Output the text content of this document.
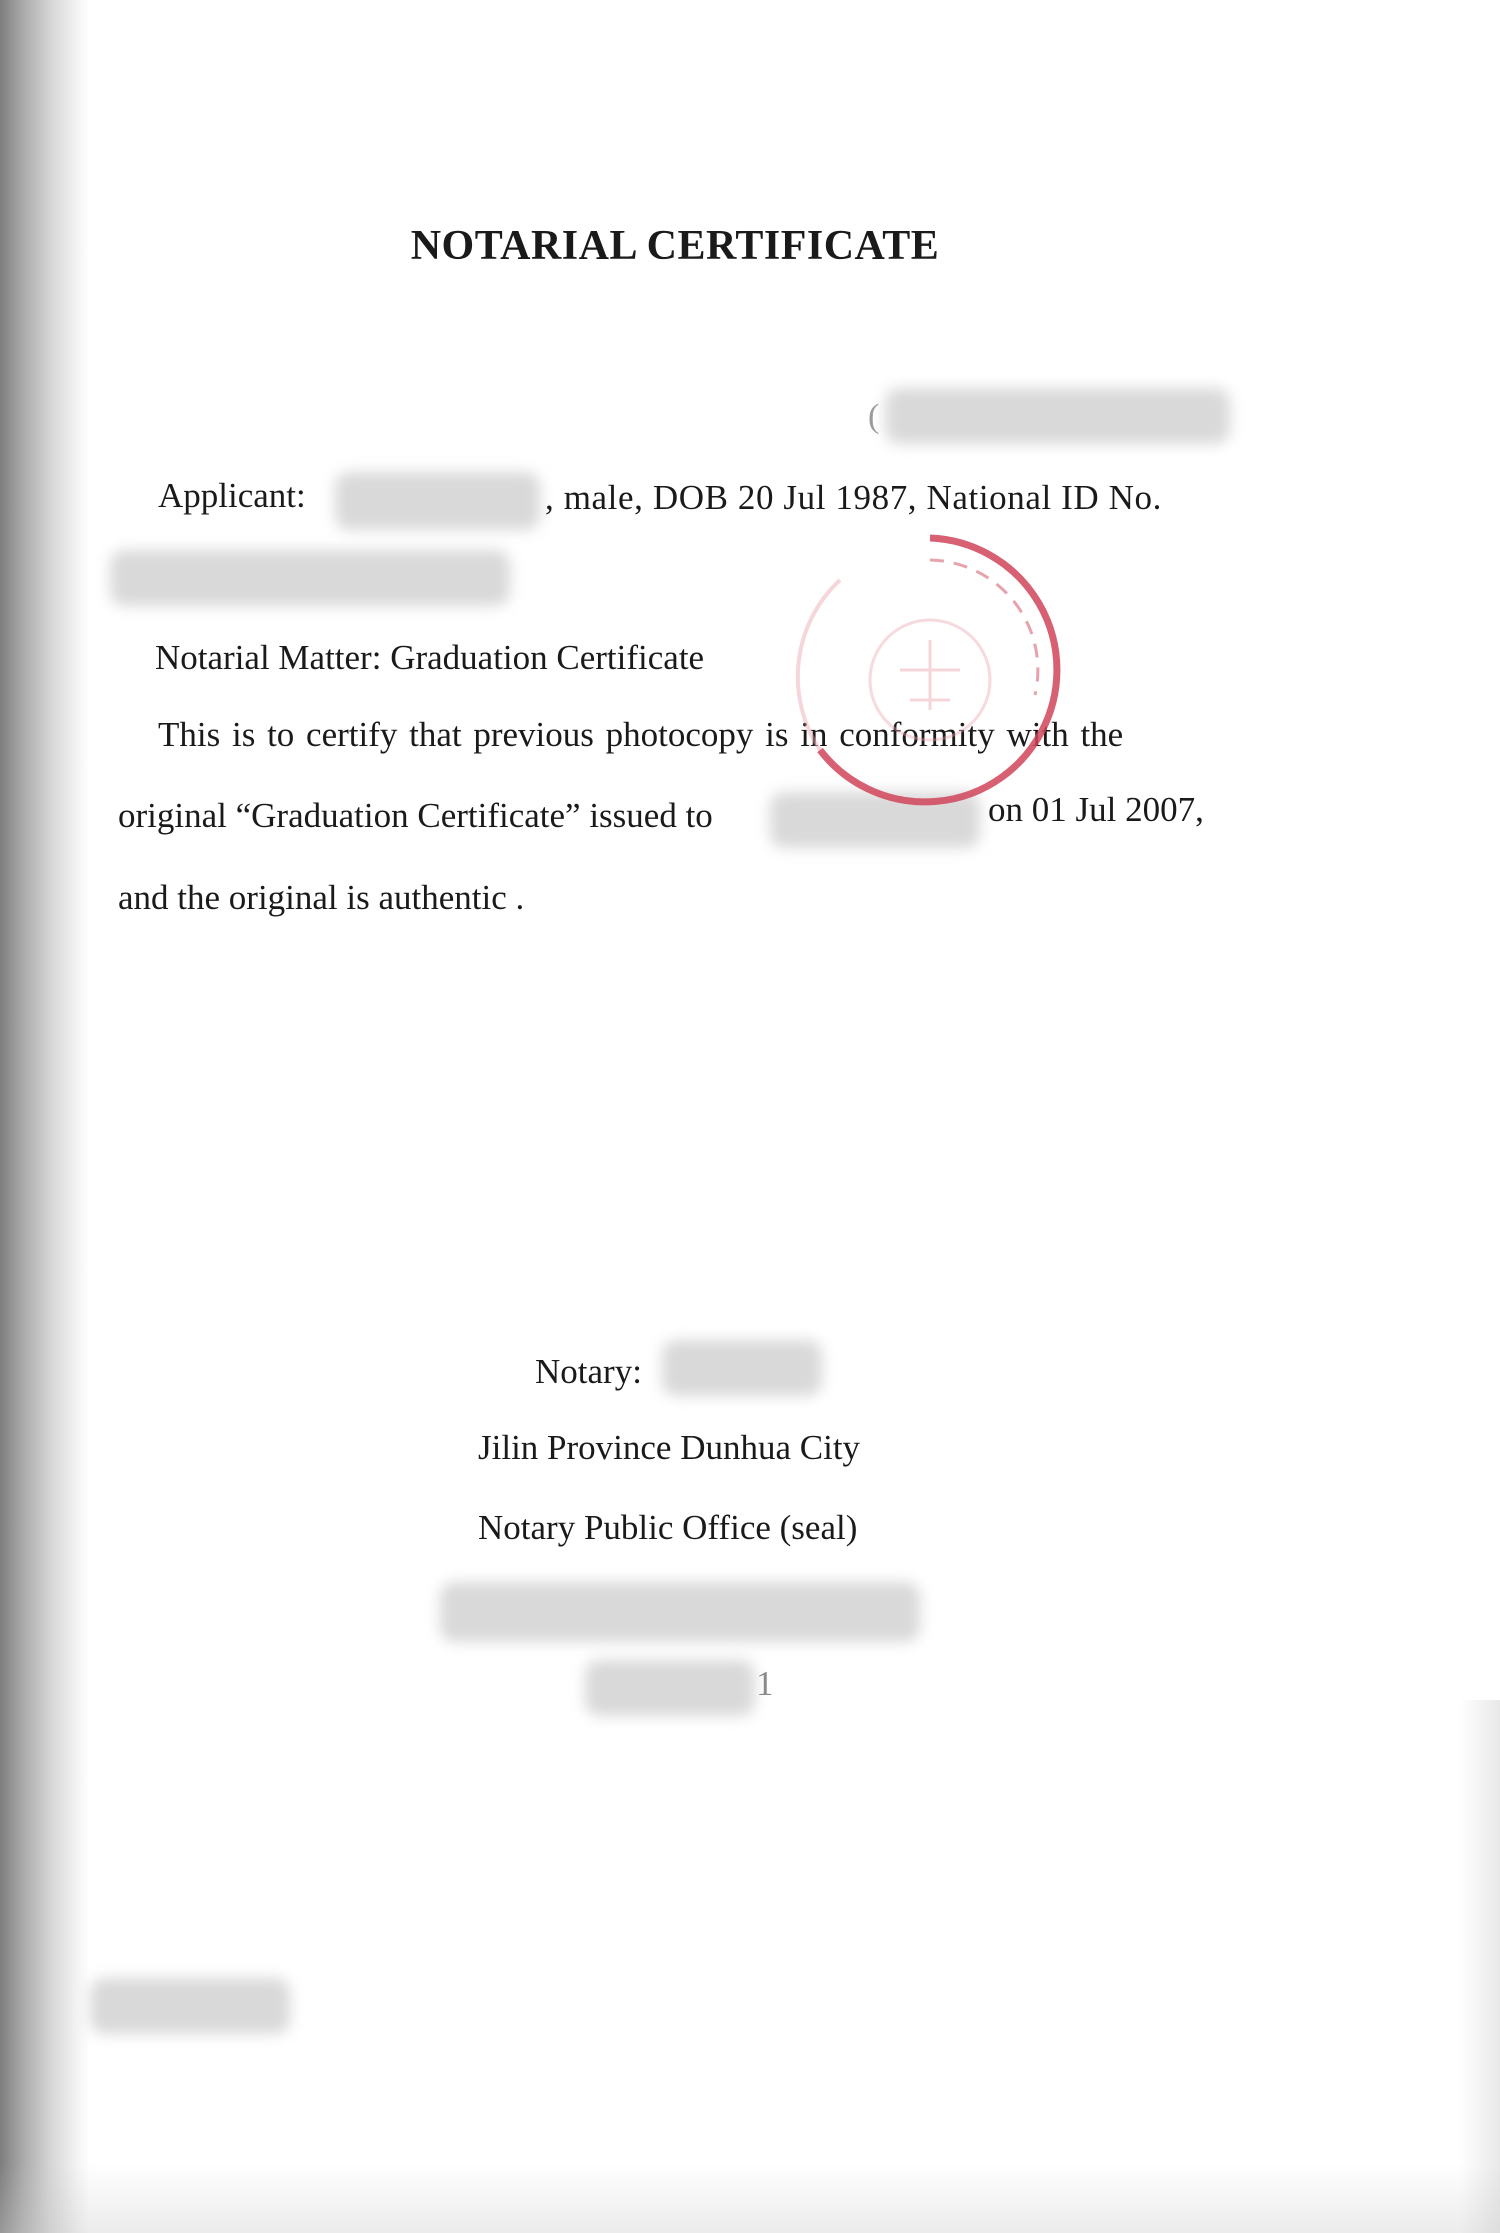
NOTARIAL CERTIFICATE
(
Applicant:	, male, DOB 20 Jul 1987, National ID No.
Notarial Matter: Graduation Certificate
This is to certify that previous photocopy is in conformity with the
original “Graduation Certificate” issued to	on 01 Jul 2007,
and the original is authentic .
Notary:
Jilin Province Dunhua City
Notary Public Office (seal)
1
